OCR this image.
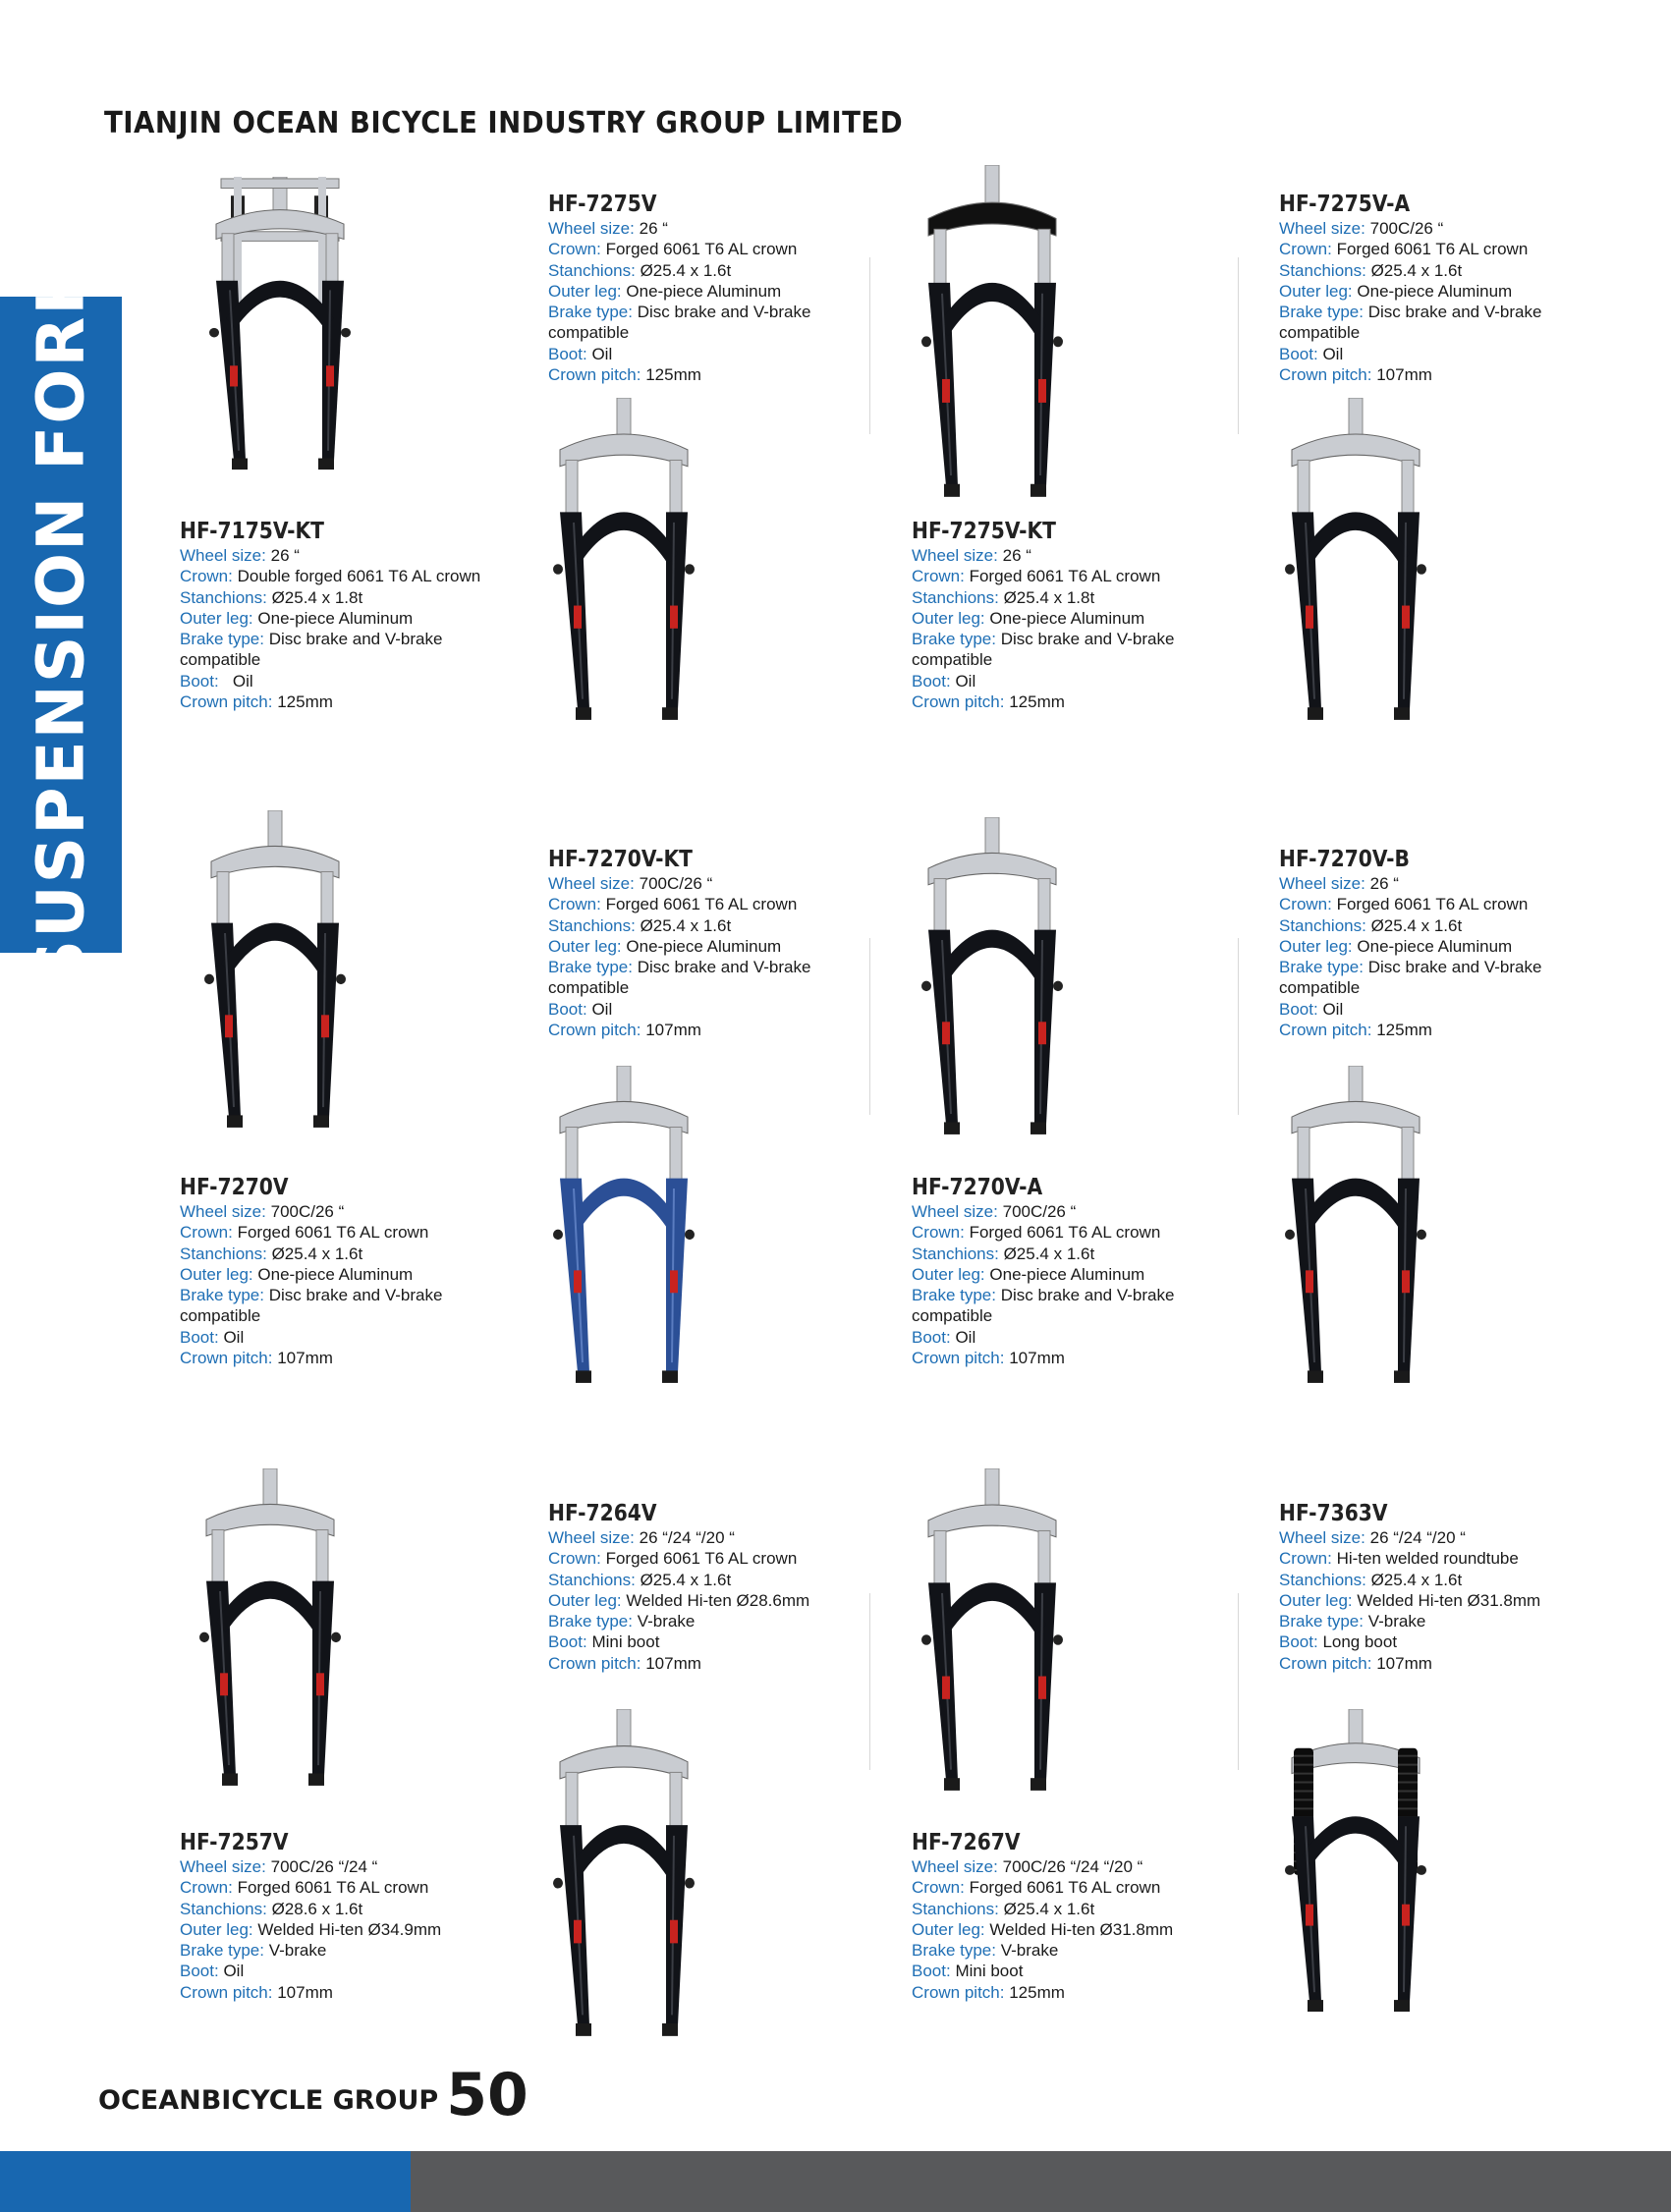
TIANJIN OCEAN BICYCLE INDUSTRY GROUP LIMITED
SUSPENSION FORK	HF-7175V-KT
Wheel size: 26 “
Crown: Double forged 6061 T6 AL crown
Stanchions: Ø25.4 x 1.8t
Outer leg: One-piece Aluminum
Brake type: Disc brake and V-brake
compatible
Boot:   Oil
Crown pitch: 125mm
HF-7275V
Wheel size: 26 “
Crown: Forged 6061 T6 AL crown
Stanchions: Ø25.4 x 1.6t
Outer leg: One-piece Aluminum
Brake type: Disc brake and V-brake
compatible
Boot: Oil
Crown pitch: 125mm
HF-7275V-KT
Wheel size: 26 “
Crown: Forged 6061 T6 AL crown
Stanchions: Ø25.4 x 1.8t
Outer leg: One-piece Aluminum
Brake type: Disc brake and V-brake
compatible
Boot: Oil
Crown pitch: 125mm
HF-7275V-A
Wheel size: 700C/26 “
Crown: Forged 6061 T6 AL crown
Stanchions: Ø25.4 x 1.6t
Outer leg: One-piece Aluminum
Brake type: Disc brake and V-brake
compatible
Boot: Oil
Crown pitch: 107mm
HF-7270V
Wheel size: 700C/26 “
Crown: Forged 6061 T6 AL crown
Stanchions: Ø25.4 x 1.6t
Outer leg: One-piece Aluminum
Brake type: Disc brake and V-brake
compatible
Boot: Oil
Crown pitch: 107mm
HF-7270V-KT
Wheel size: 700C/26 “
Crown: Forged 6061 T6 AL crown
Stanchions: Ø25.4 x 1.6t
Outer leg: One-piece Aluminum
Brake type: Disc brake and V-brake
compatible
Boot: Oil
Crown pitch: 107mm
HF-7270V-A
Wheel size: 700C/26 “
Crown: Forged 6061 T6 AL crown
Stanchions: Ø25.4 x 1.6t
Outer leg: One-piece Aluminum
Brake type: Disc brake and V-brake
compatible
Boot: Oil
Crown pitch: 107mm
HF-7270V-B
Wheel size: 26 “
Crown: Forged 6061 T6 AL crown
Stanchions: Ø25.4 x 1.6t
Outer leg: One-piece Aluminum
Brake type: Disc brake and V-brake
compatible
Boot: Oil
Crown pitch: 125mm
HF-7257V
Wheel size: 700C/26 “/24 “
Crown: Forged 6061 T6 AL crown
Stanchions: Ø28.6 x 1.6t
Outer leg: Welded Hi-ten Ø34.9mm
Brake type: V-brake
Boot: Oil
Crown pitch: 107mm
HF-7264V
Wheel size: 26 “/24 “/20 “
Crown: Forged 6061 T6 AL crown
Stanchions: Ø25.4 x 1.6t
Outer leg: Welded Hi-ten Ø28.6mm
Brake type: V-brake
Boot: Mini boot
Crown pitch: 107mm
HF-7267V
Wheel size: 700C/26 “/24 “/20 “
Crown: Forged 6061 T6 AL crown
Stanchions: Ø25.4 x 1.6t
Outer leg: Welded Hi-ten Ø31.8mm
Brake type: V-brake
Boot: Mini boot
Crown pitch: 125mm
HF-7363V
Wheel size: 26 “/24 “/20 “
Crown: Hi-ten welded roundtube
Stanchions: Ø25.4 x 1.6t
Outer leg: Welded Hi-ten Ø31.8mm
Brake type: V-brake
Boot: Long boot
Crown pitch: 107mm
OCEANBICYCLE GROUP 50
